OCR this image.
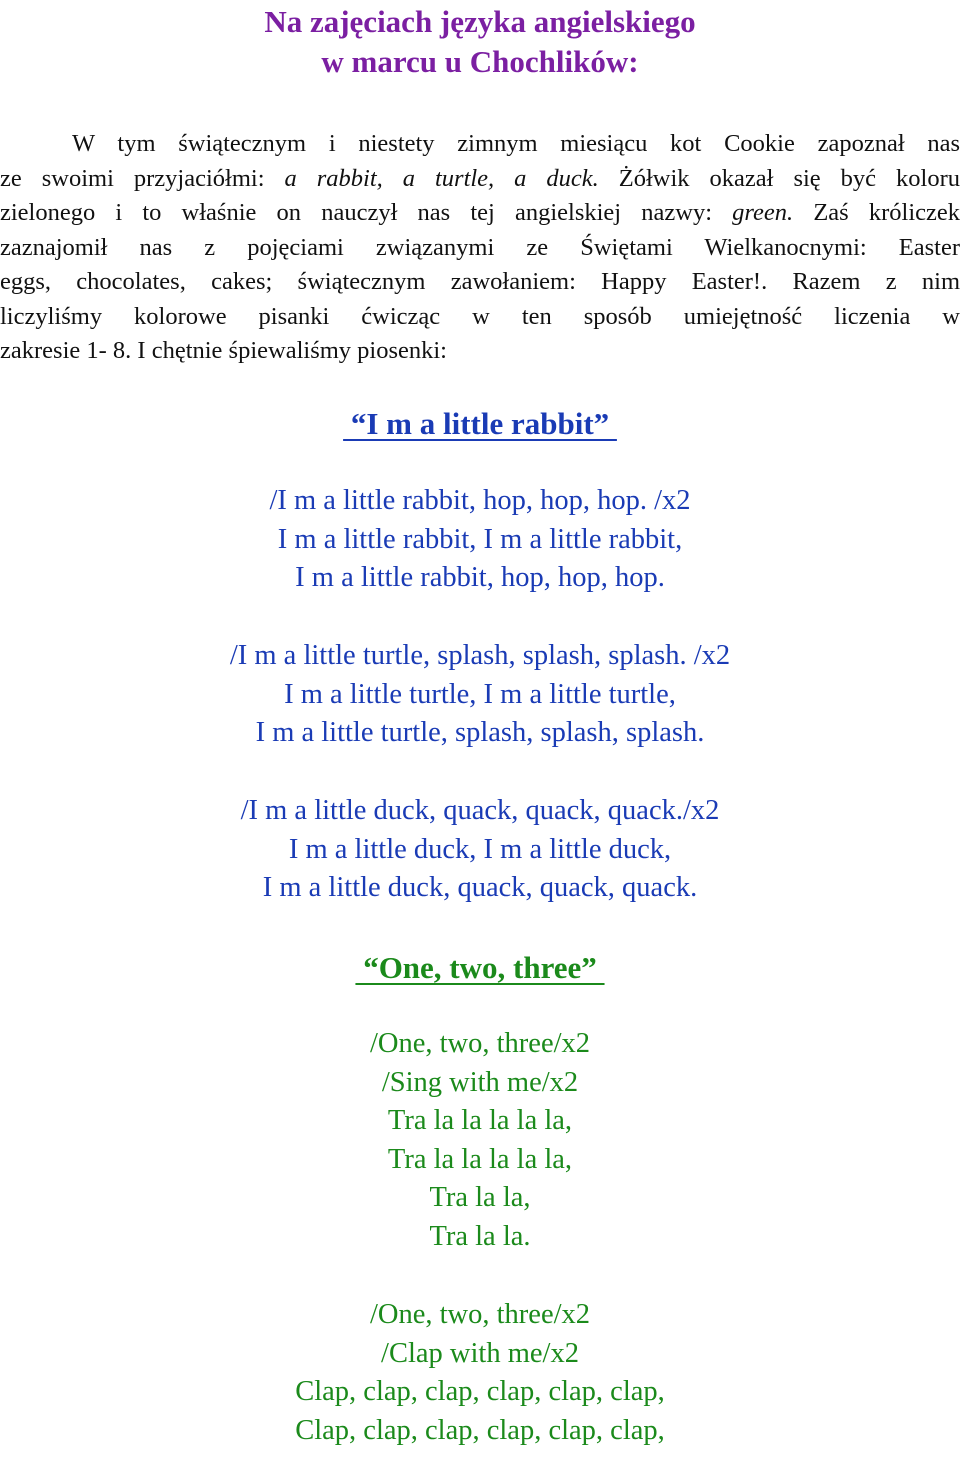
Na zajęciach języka angielskiego
w marcu u Chochlików:
W tym świątecznym i niestety zimnym miesiącu kot Cookie zapoznał nas
ze swoimi przyjaciółmi: a rabbit, a turtle, a duck. Żółwik okazał się być koloru
zielonego i to właśnie on nauczył nas tej angielskiej nazwy: green. Zaś króliczek
zaznajomił nas z pojęciami związanymi ze Świętami Wielkanocnymi: Easter
eggs, chocolates, cakes; świątecznym zawołaniem: Happy Easter!. Razem z nim
liczyliśmy kolorowe pisanki ćwicząc w ten sposób umiejętność liczenia w
zakresie 1- 8. I chętnie śpiewaliśmy piosenki:
“I m a little rabbit”
/I m a little rabbit, hop, hop, hop. /x2
I m a little rabbit, I m a little rabbit,
I m a little rabbit, hop, hop, hop.
/I m a little turtle, splash, splash, splash. /x2
I m a little turtle, I m a little turtle,
I m a little turtle, splash, splash, splash.
/I m a little duck, quack, quack, quack./x2
I m a little duck, I m a little duck,
I m a little duck, quack, quack, quack.
“One, two, three”
/One, two, three/x2
/Sing with me/x2
Tra la la la la la,
Tra la la la la la,
Tra la la,
Tra la la.
/One, two, three/x2
/Clap with me/x2
Clap, clap, clap, clap, clap, clap,
Clap, clap, clap, clap, clap, clap,
